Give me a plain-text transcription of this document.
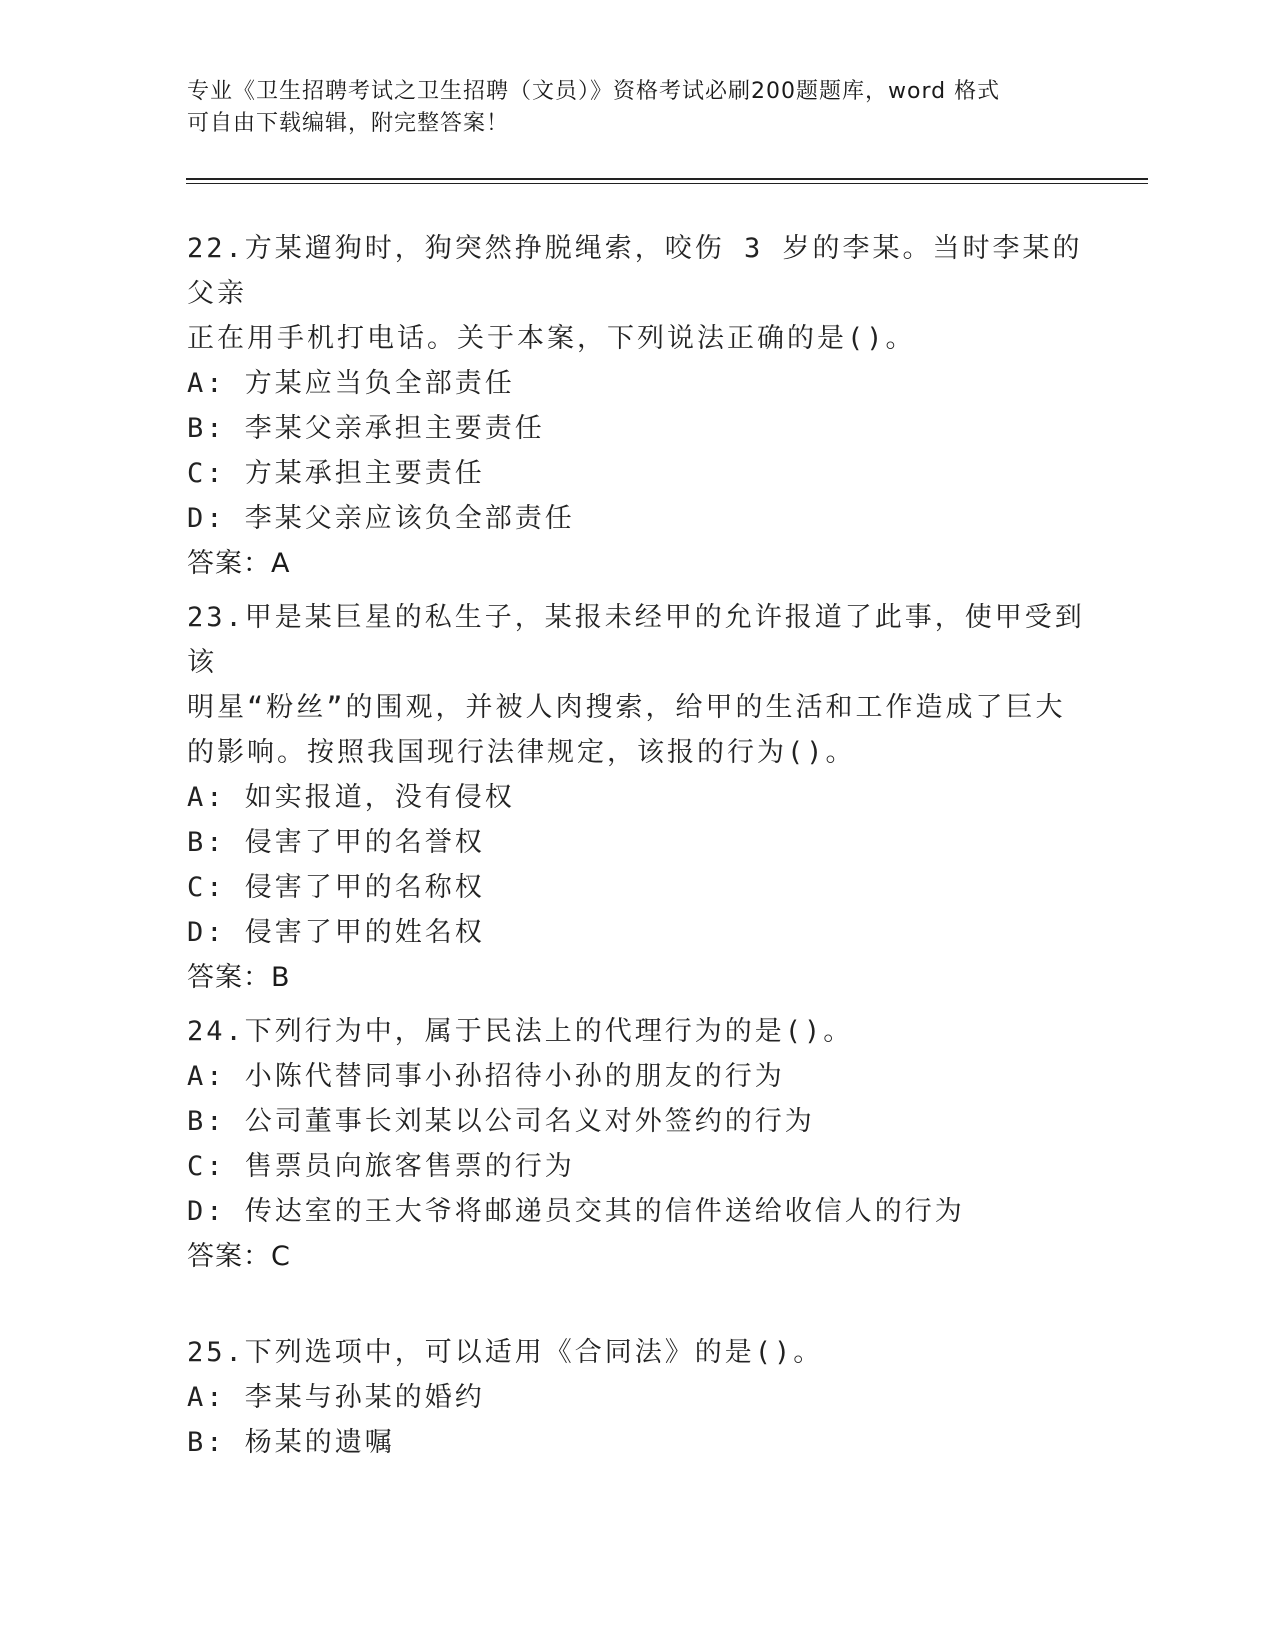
专业《卫生招聘考试之卫生招聘（文员）》资格考试必刷200题题库，word 格式
可自由下载编辑，附完整答案！
22.方某遛狗时，狗突然挣脱绳索，咬伤 3 岁的李某。当时李某的父亲
正在用手机打电话。关于本案，下列说法正确的是()。
A: 方某应当负全部责任
B: 李某父亲承担主要责任
C: 方某承担主要责任
D: 李某父亲应该负全部责任
答案：A
23.甲是某巨星的私生子，某报未经甲的允许报道了此事，使甲受到该
明星“粉丝”的围观，并被人肉搜索，给甲的生活和工作造成了巨大
的影响。按照我国现行法律规定，该报的行为()。
A: 如实报道，没有侵权
B: 侵害了甲的名誉权
C: 侵害了甲的名称权
D: 侵害了甲的姓名权
答案：B
24.下列行为中，属于民法上的代理行为的是()。
A: 小陈代替同事小孙招待小孙的朋友的行为
B: 公司董事长刘某以公司名义对外签约的行为
C: 售票员向旅客售票的行为
D: 传达室的王大爷将邮递员交其的信件送给收信人的行为
答案：C
25.下列选项中，可以适用《合同法》的是()。
A: 李某与孙某的婚约
B: 杨某的遗嘱
